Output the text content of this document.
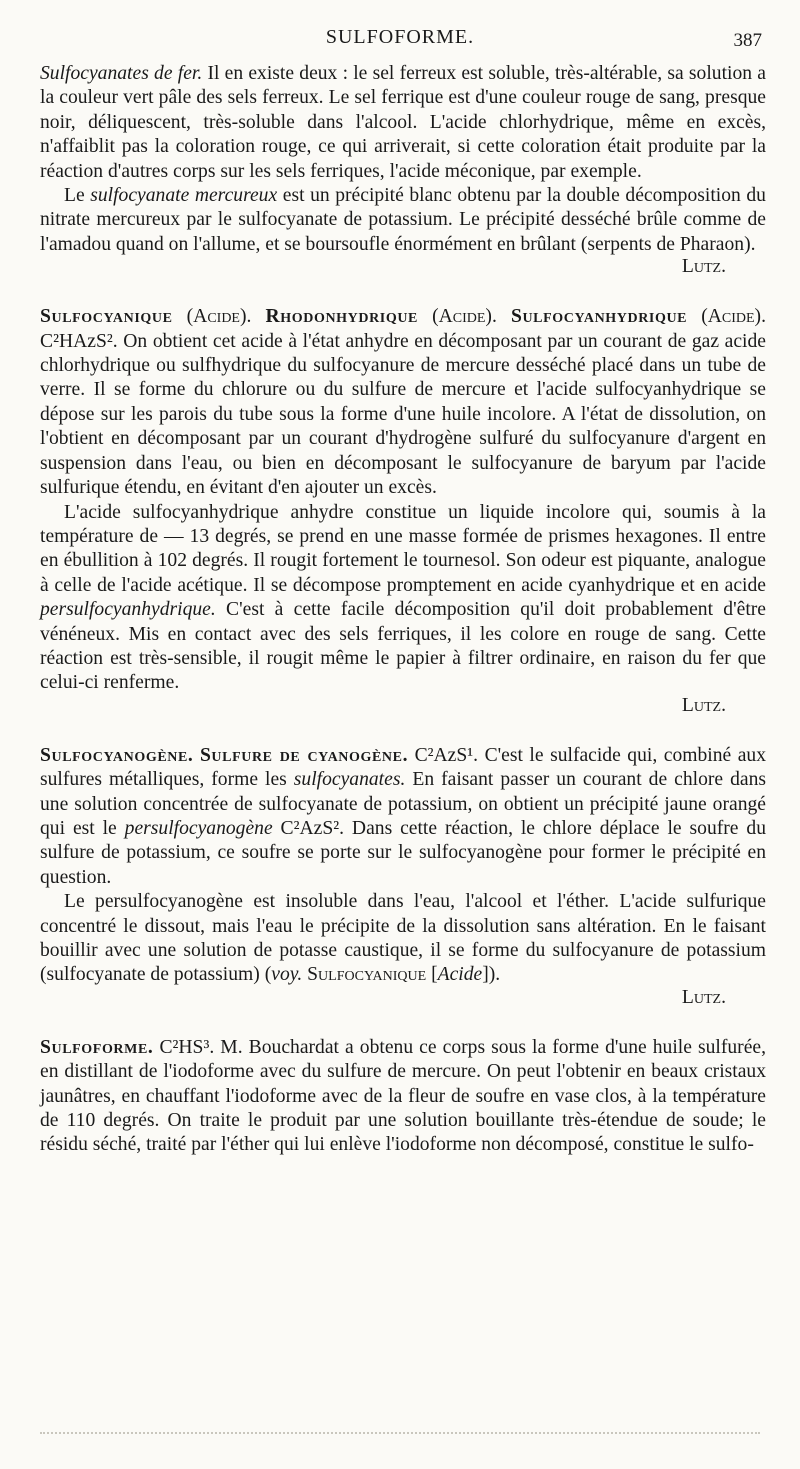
SULFOFORME.	387

Sulfocyanates de fer. Il en existe deux : le sel ferreux est soluble, très-altérable, sa solution a la couleur vert pâle des sels ferreux. Le sel ferrique est d'une couleur rouge de sang, presque noir, déliquescent, très-soluble dans l'alcool. L'acide chlorhydrique, même en excès, n'affaiblit pas la coloration rouge, ce qui arriverait, si cette coloration était produite par la réaction d'autres corps sur les sels ferriques, l'acide méconique, par exemple.

Le sulfocyanate mercureux est un précipité blanc obtenu par la double décomposition du nitrate mercureux par le sulfocyanate de potassium. Le précipité desséché brûle comme de l'amadou quand on l'allume, et se boursoufle énormément en brûlant (serpents de Pharaon).

Lutz.

Sulfocyanique (Acide). Rhodonhydrique (Acide). Sulfocyanhydrique (Acide). C²HAzS². On obtient cet acide à l'état anhydre en décomposant par un courant de gaz acide chlorhydrique ou sulfhydrique du sulfocyanure de mercure desséché placé dans un tube de verre. Il se forme du chlorure ou du sulfure de mercure et l'acide sulfocyanhydrique se dépose sur les parois du tube sous la forme d'une huile incolore. A l'état de dissolution, on l'obtient en décomposant par un courant d'hydrogène sulfuré du sulfocyanure d'argent en suspension dans l'eau, ou bien en décomposant le sulfocyanure de baryum par l'acide sulfurique étendu, en évitant d'en ajouter un excès.

L'acide sulfocyanhydrique anhydre constitue un liquide incolore qui, soumis à la température de — 13 degrés, se prend en une masse formée de prismes hexagones. Il entre en ébullition à 102 degrés. Il rougit fortement le tournesol. Son odeur est piquante, analogue à celle de l'acide acétique. Il se décompose promptement en acide cyanhydrique et en acide persulfocyanhydrique. C'est à cette facile décomposition qu'il doit probablement d'être vénéneux. Mis en contact avec des sels ferriques, il les colore en rouge de sang. Cette réaction est très-sensible, il rougit même le papier à filtrer ordinaire, en raison du fer que celui-ci renferme.

Lutz.

Sulfocyanogène. Sulfure de cyanogène. C²AzS¹. C'est le sulfacide qui, combiné aux sulfures métalliques, forme les sulfocyanates. En faisant passer un courant de chlore dans une solution concentrée de sulfocyanate de potassium, on obtient un précipité jaune orangé qui est le persulfocyanogène C²AzS². Dans cette réaction, le chlore déplace le soufre du sulfure de potassium, ce soufre se porte sur le sulfocyanogène pour former le précipité en question.

Le persulfocyanogène est insoluble dans l'eau, l'alcool et l'éther. L'acide sulfurique concentré le dissout, mais l'eau le précipite de la dissolution sans altération. En le faisant bouillir avec une solution de potasse caustique, il se forme du sulfocyanure de potassium (sulfocyanate de potassium) (voy. Sulfocyanique [Acide]).

Lutz.

Sulfoforme. C²HS³. M. Bouchardat a obtenu ce corps sous la forme d'une huile sulfurée, en distillant de l'iodoforme avec du sulfure de mercure. On peut l'obtenir en beaux cristaux jaunâtres, en chauffant l'iodoforme avec de la fleur de soufre en vase clos, à la température de 110 degrés. On traite le produit par une solution bouillante très-étendue de soude; le résidu séché, traité par l'éther qui lui enlève l'iodoforme non décomposé, constitue le sulfo-
